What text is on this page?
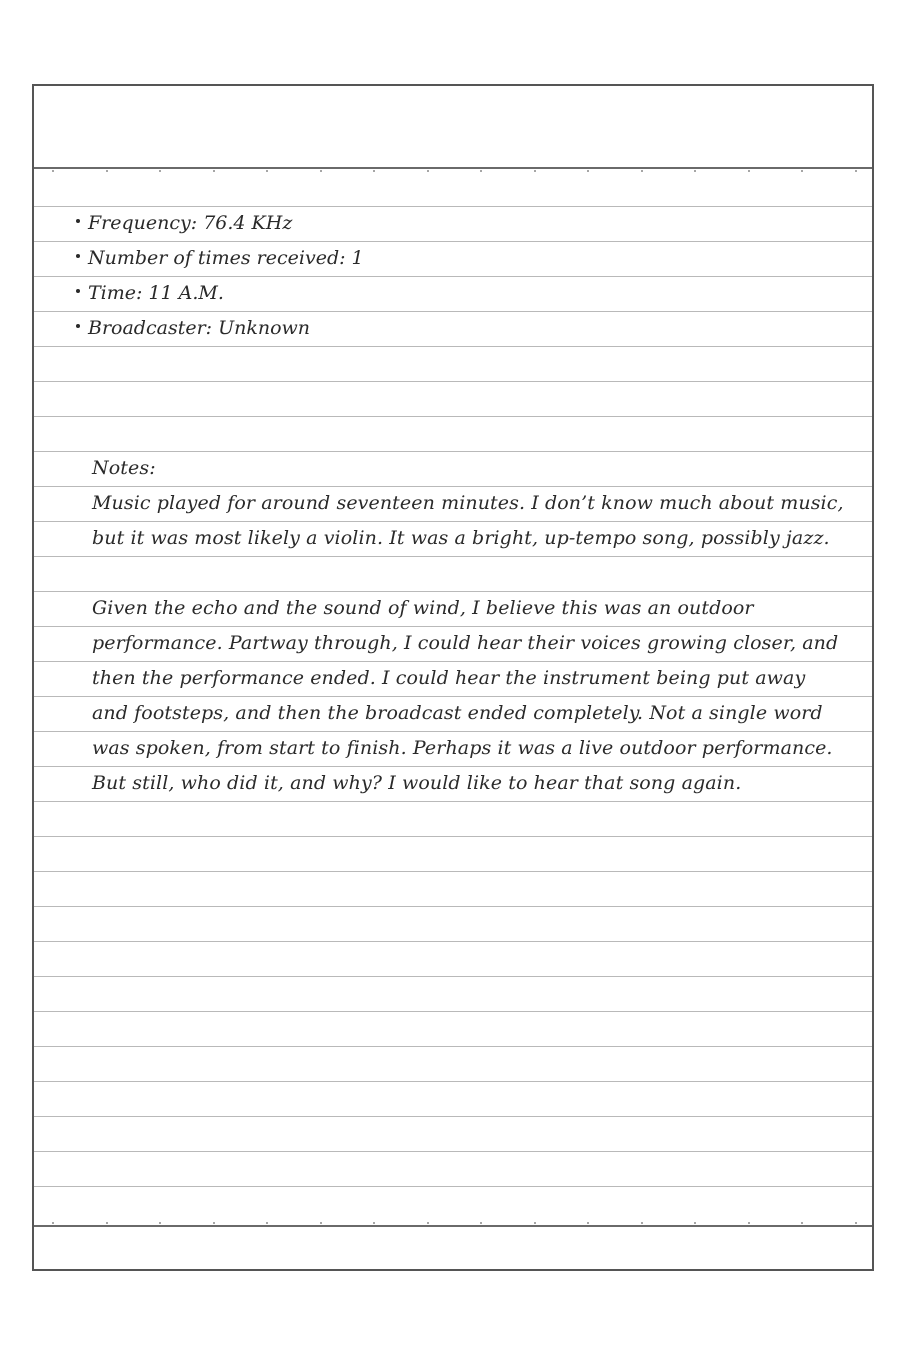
Frequency: 76.4 KHz
Number of times received: 1
Time: 11 A.M.
Broadcaster: Unknown
Notes:
Music played for around seventeen minutes. I don’t know much about music,
but it was most likely a violin. It was a bright, up-tempo song, possibly jazz.
Given the echo and the sound of wind, I believe this was an outdoor
performance. Partway through, I could hear their voices growing closer, and
then the performance ended. I could hear the instrument being put away
and footsteps, and then the broadcast ended completely. Not a single word
was spoken, from start to finish. Perhaps it was a live outdoor performance.
But still, who did it, and why? I would like to hear that song again.
